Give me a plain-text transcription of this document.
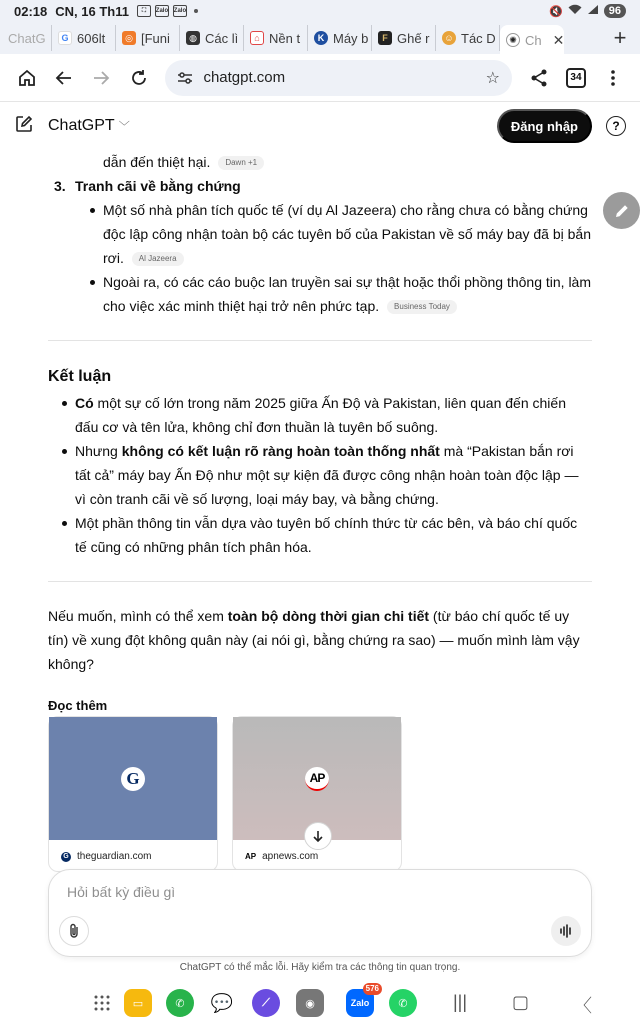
02:18 CN, 16 Th11	⛶	Zalo Zalo	🔇	96
ChatG	G 606lt	◎ [Funi	◍ Các lì	⌂ Nền t	K Máy b	F Ghế r ☺ Tác D	✺ Ch ✕	+
chatgpt.com	☆	34
ChatGPT ﹀	Đăng nhập	?
dẫn đến thiệt hại. Dawn +1
3. Tranh cãi về bằng chứng
Một số nhà phân tích quốc tế (ví dụ Al Jazeera) cho rằng chưa có bằng chứng độc lập công nhận toàn bộ các tuyên bố của Pakistan về số máy bay đã bị bắn rơi. Al Jazeera
Ngoài ra, có các cáo buộc lan truyền sai sự thật hoặc thổi phồng thông tin, làm cho việc xác minh thiệt hại trở nên phức tạp. Business Today
Kết luận
Có một sự cố lớn trong năm 2025 giữa Ấn Độ và Pakistan, liên quan đến chiến đấu cơ và tên lửa, không chỉ đơn thuần là tuyên bố suông.
Nhưng không có kết luận rõ ràng hoàn toàn thống nhất mà “Pakistan bắn rơi tất cả” máy bay Ấn Độ như một sự kiện đã được công nhận hoàn toàn độc lập — vì còn tranh cãi về số lượng, loại máy bay, và bằng chứng.
Một phần thông tin vẫn dựa vào tuyên bố chính thức từ các bên, và báo chí quốc tế cũng có những phân tích phân hóa.

Nếu muốn, mình có thể xem toàn bộ dòng thời gian chi tiết (từ báo chí quốc tế uy tín) về xung đột không quân này (ai nói gì, bằng chứng ra sao) — muốn mình làm vậy không?

Đọc thêm
G
G theguardian.com
AP
AP apnews.com
Hỏi bất kỳ điều gì
ChatGPT có thể mắc lỗi. Hãy kiểm tra các thông tin quan trọng.
▭	✆	💬	⟋	◉	Zalo
576
✆	||| ▢ 〈
